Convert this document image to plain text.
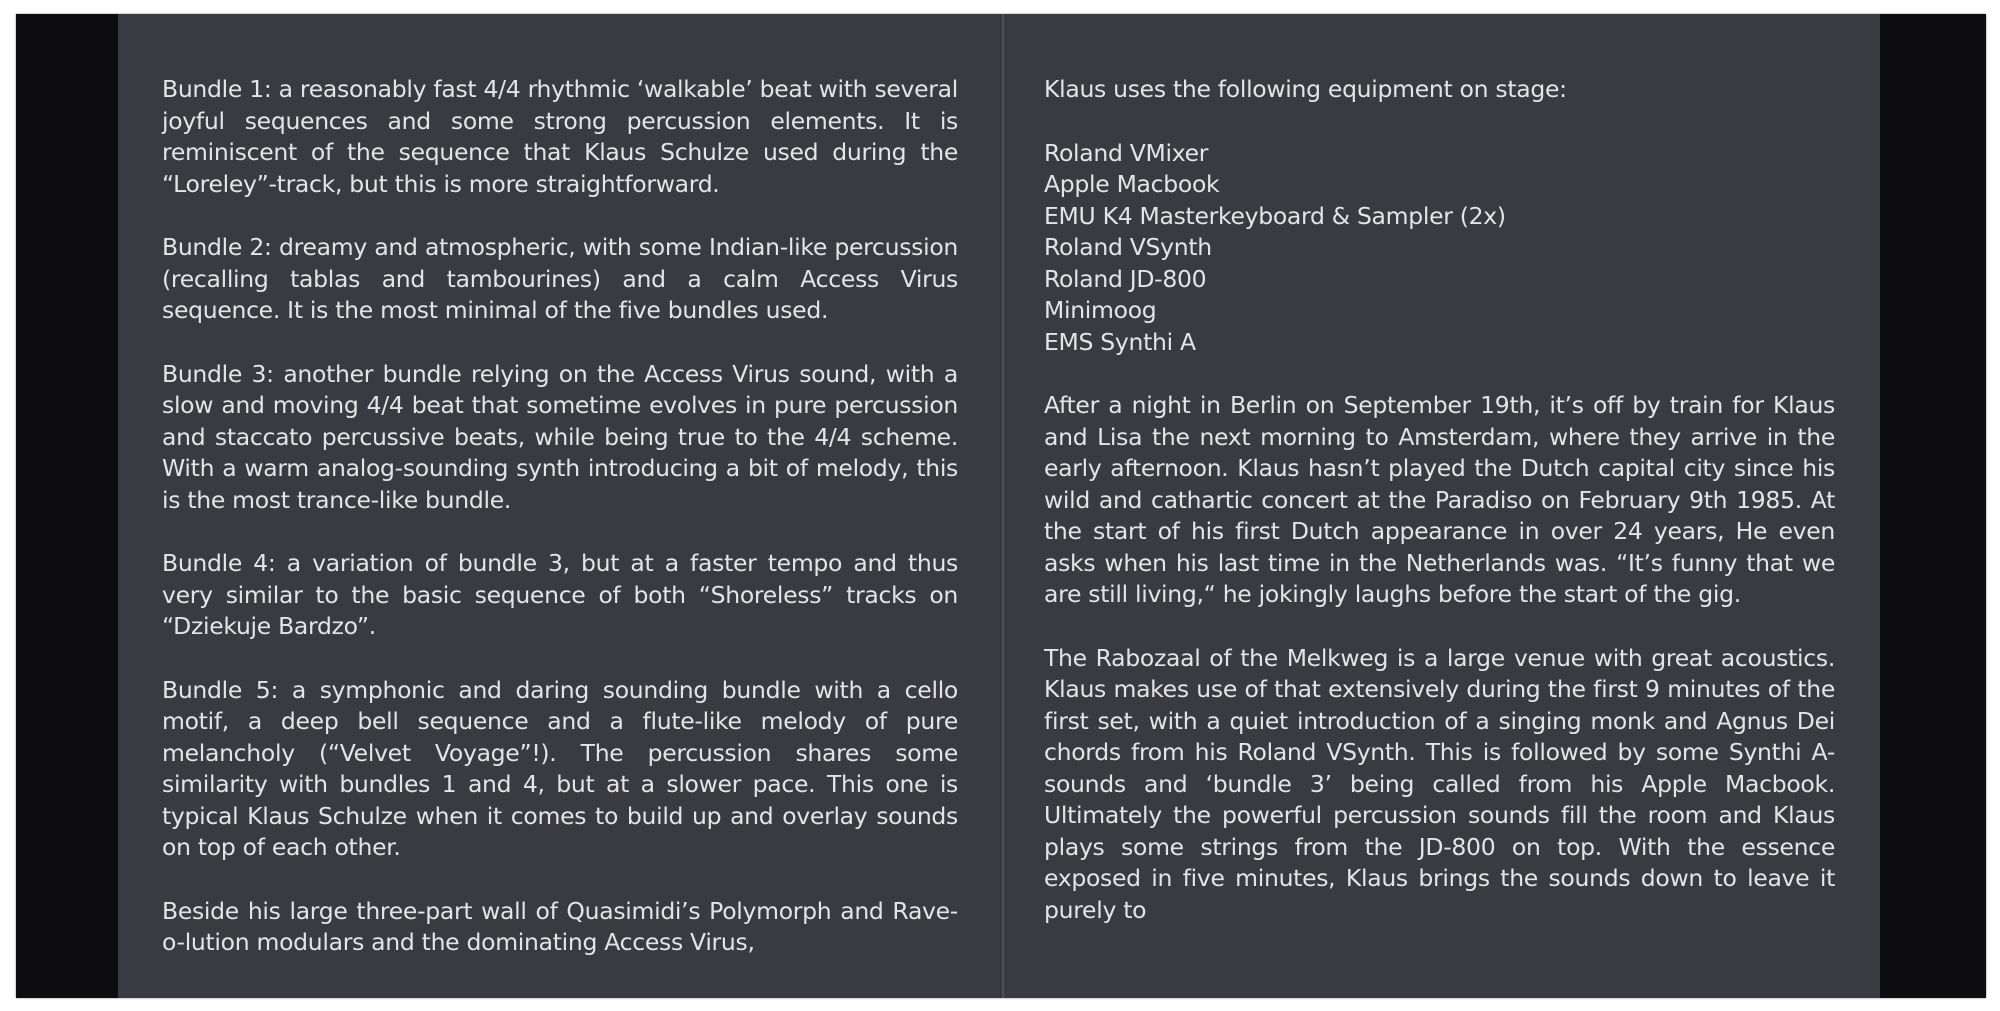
Bundle 1: a reasonably fast 4/4 rhythmic ‘walkable’ beat with several joyful sequences and some strong percussion elements. It is reminiscent of the sequence that Klaus Schulze used during the “Loreley”-track, but this is more straightforward.

Bundle 2: dreamy and atmospheric, with some Indian-like percussion (recalling tablas and tambourines) and a calm Access Virus sequence. It is the most minimal of the five bundles used.

Bundle 3: another bundle relying on the Access Virus sound, with a slow and moving 4/4 beat that sometime evolves in pure percussion and staccato percussive beats, while being true to the 4/4 scheme. With a warm analog-sounding synth introducing a bit of melody, this is the most trance-like bundle.

Bundle 4: a variation of bundle 3, but at a faster tempo and thus very similar to the basic sequence of both “Shoreless” tracks on “Dziekuje Bardzo”.

Bundle 5: a symphonic and daring sounding bundle with a cello motif, a deep bell sequence and a flute-like melody of pure melancholy (“Velvet Voyage”!). The percussion shares some similarity with bundles 1 and 4, but at a slower pace. This one is typical Klaus Schulze when it comes to build up and overlay sounds on top of each other.

Beside his large three-part wall of Quasimidi’s Polymorph and Rave-o-lution modulars and the dominating Access Virus,

Klaus uses the following equipment on stage:

Roland VMixer
Apple Macbook
EMU K4 Masterkeyboard & Sampler (2x)
Roland VSynth
Roland JD-800
Minimoog
EMS Synthi A

After a night in Berlin on September 19th, it’s off by train for Klaus and Lisa the next morning to Amsterdam, where they arrive in the early afternoon. Klaus hasn’t played the Dutch capital city since his wild and cathartic concert at the Paradiso on February 9th 1985. At the start of his first Dutch appearance in over 24 years, He even asks when his last time in the Netherlands was. “It’s funny that we are still living,“ he jokingly laughs before the start of the gig.

The Rabozaal of the Melkweg is a large venue with great acoustics. Klaus makes use of that extensively during the first 9 minutes of the first set, with a quiet introduction of a singing monk and Agnus Dei chords from his Roland VSynth. This is followed by some Synthi A-sounds and ‘bundle 3’ being called from his Apple Macbook. Ultimately the powerful percussion sounds fill the room and Klaus plays some strings from the JD-800 on top. With the essence exposed in five minutes, Klaus brings the sounds down to leave it purely to
